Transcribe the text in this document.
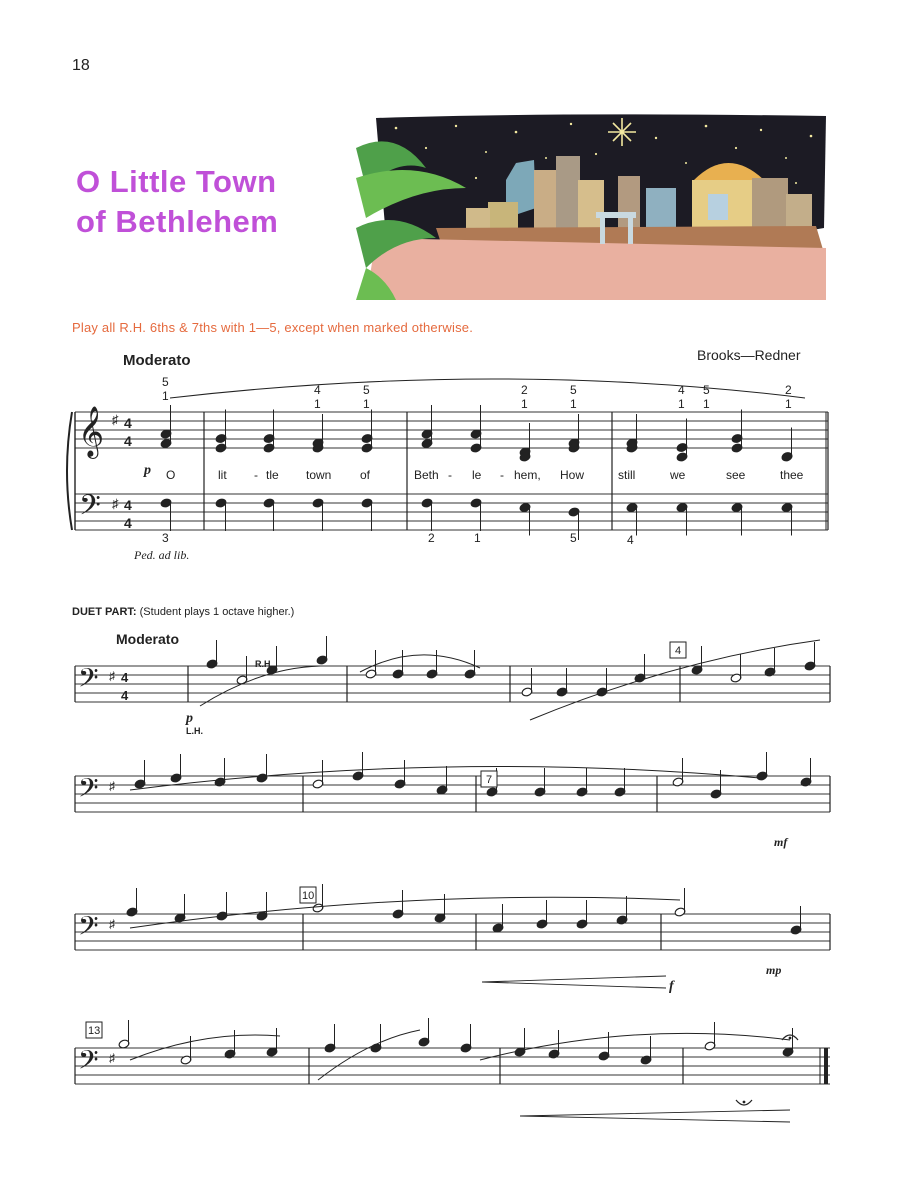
18
O Little Town
of Bethlehem
Play all R.H. 6ths & 7ths with 1—5, except when marked otherwise.
Moderato	Brooks—Redner
O	lit - tle town of	Beth - le - hem, How	still	we	see	thee
Ped. ad lib.
DUET PART: (Student plays 1 octave higher.)
Moderato
𝄞
𝄢
♯
♯
4
4
4
4
p
5
1	4
1
5
1
2
1
5
1
4
1
5
1
2
1
3	2	1	5	4
𝄢 ♯ 4
4
𝄢 ♯
𝄢 ♯
𝄢 ♯
p
L.H.
R.H.
mf
f
mp
4
7
10
13
